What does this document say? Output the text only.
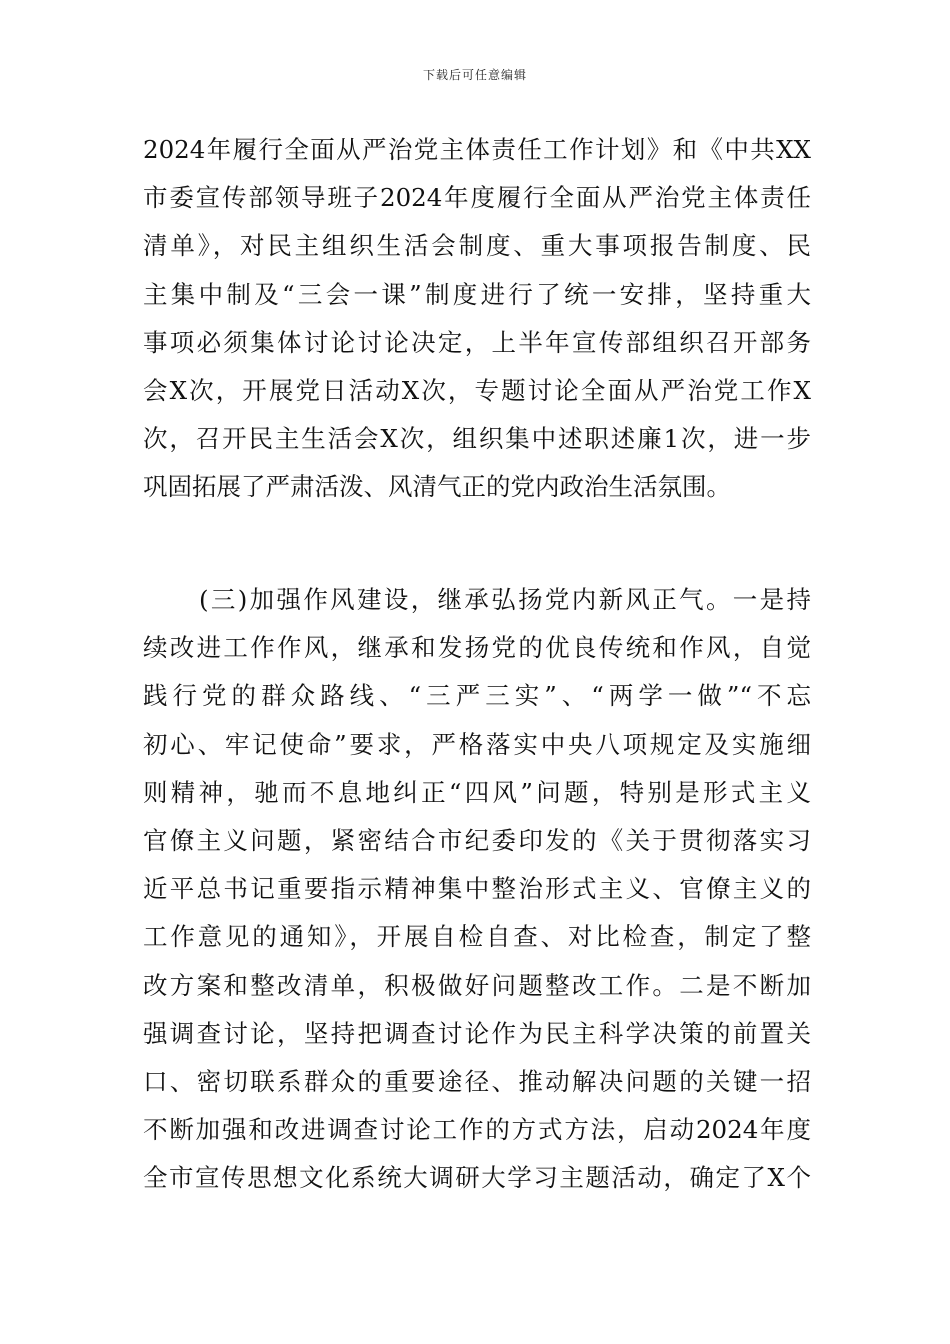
下载后可任意编辑
2024年履行全面从严治党主体责任工作计划》和《中共XX
市委宣传部领导班子2024年度履行全面从严治党主体责任
清单》，对民主组织生活会制度、重大事项报告制度、民
主集中制及“三会一课”制度进行了统一安排，坚持重大
事项必须集体讨论讨论决定，上半年宣传部组织召开部务
会X次，开展党日活动X次，专题讨论全面从严治党工作X
次，召开民主生活会X次，组织集中述职述廉1次，进一步
巩固拓展了严肃活泼、风清气正的党内政治生活氛围。
(三)加强作风建设，继承弘扬党内新风正气。一是持
续改进工作作风，继承和发扬党的优良传统和作风，自觉
践行党的群众路线、“三严三实”、“两学一做”“不忘
初心、牢记使命”要求，严格落实中央八项规定及实施细
则精神，驰而不息地纠正“四风”问题，特别是形式主义
官僚主义问题，紧密结合市纪委印发的《关于贯彻落实习
近平总书记重要指示精神集中整治形式主义、官僚主义的
工作意见的通知》，开展自检自查、对比检查，制定了整
改方案和整改清单，积极做好问题整改工作。二是不断加
强调查讨论，坚持把调查讨论作为民主科学决策的前置关
口、密切联系群众的重要途径、推动解决问题的关键一招
不断加强和改进调查讨论工作的方式方法，启动2024年度
全市宣传思想文化系统大调研大学习主题活动，确定了X个
